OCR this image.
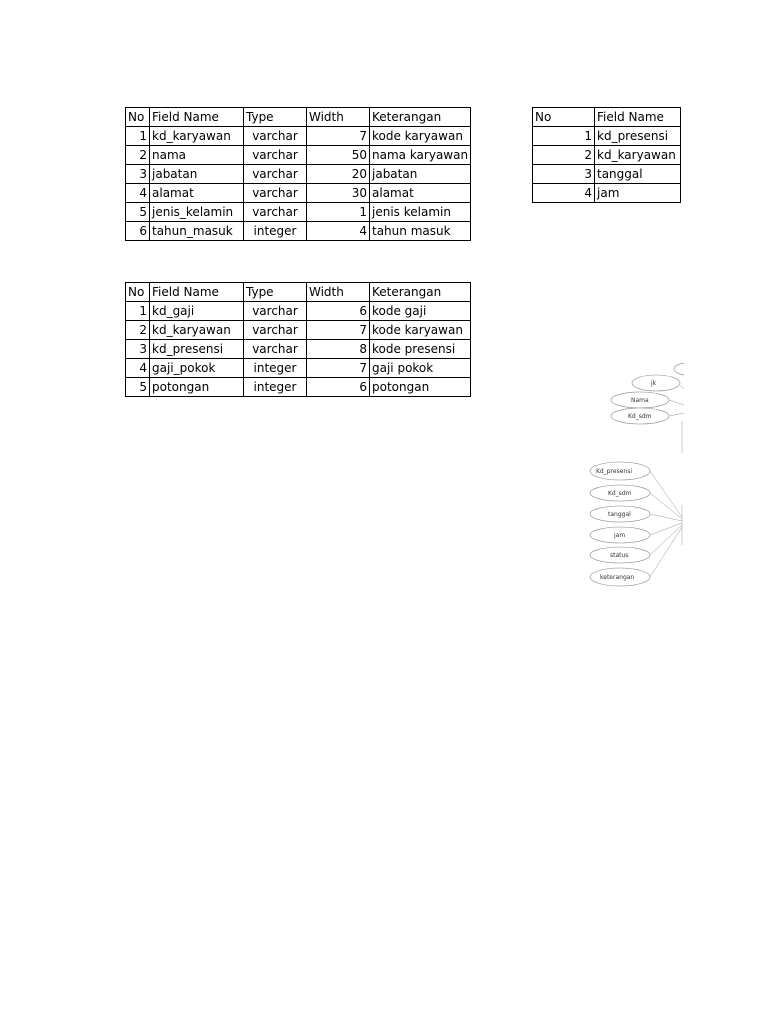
No	Field Name	Type	Width	Keterangan
1	kd_karyawan	varchar	7	kode karyawan
2	nama	varchar	50	nama karyawan
3	jabatan	varchar	20	jabatan
4	alamat	varchar	30	alamat
5	jenis_kelamin	varchar	1	jenis kelamin
6	tahun_masuk	integer	4	tahun masuk
No	Field Name	Type	Width	Keterangan
1	kd_gaji	varchar	6	kode gaji
2	kd_karyawan	varchar	7	kode karyawan
3	kd_presensi	varchar	8	kode presensi
4	gaji_pokok	integer	7	gaji pokok
5	potongan	integer	6	potongan
No	Field Name
1	kd_presensi
2	kd_karyawan
3	tanggal
4	jam
jk
Nama
Kd_sdm
Kd_presensi
Kd_sdm
tanggal
jam
status
keterangan
